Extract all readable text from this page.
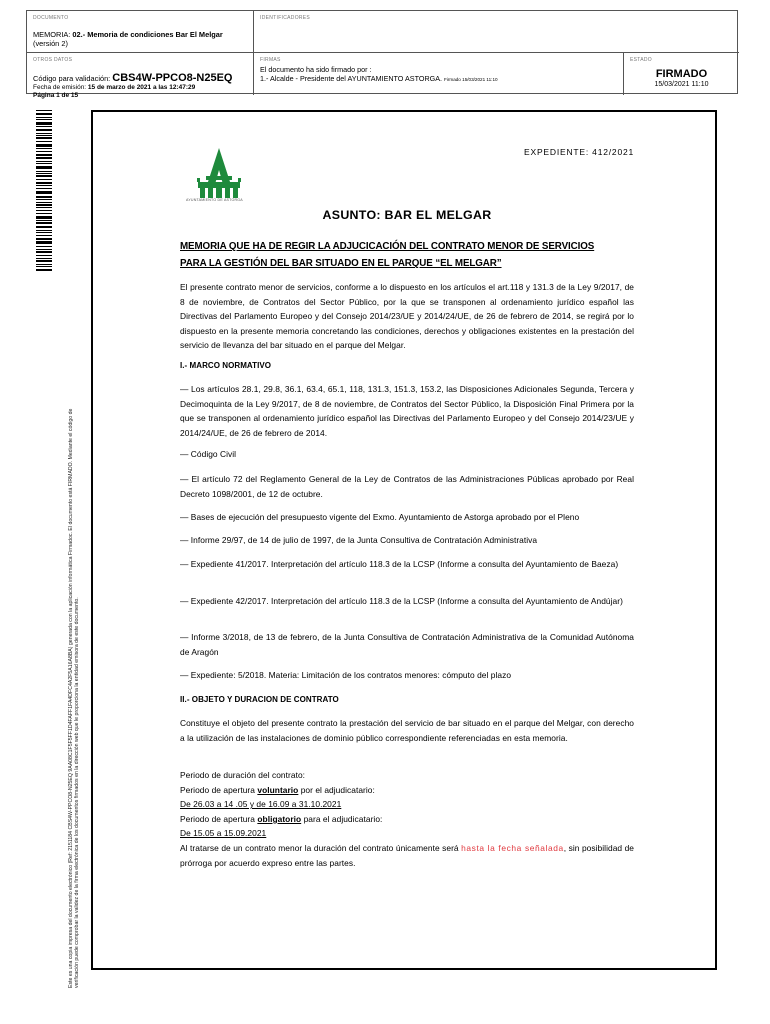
DOCUMENTO
MEMORIA: 02.- Memoria de condiciones Bar El Melgar (versión 2)
IDENTIFICADORES
OTROS DATOS
Código para validación: CBS4W-PPCO8-N25EQ
Fecha de emisión: 15 de marzo de 2021 a las 12:47:29
Página 1 de 15
FIRMAS
El documento ha sido firmado por :
1.- Alcalde - Presidente del AYUNTAMIENTO ASTORGA. Firmado 15/03/2021 11:10
ESTADO
FIRMADO
15/03/2021 11:10
Este es una copia impresa del documento electrónico (Ref: 2151184 CBS4W-PPCO8-N25EQ 9AA08C1F5F5FF1D4FAFF1FA4DFC4A2F5A16A8BA) generada con la aplicación informática Firmadoc. El documento está FIRMADO. Mediante el código de verificación puede comprobar la validez de la firma electrónica de los documentos firmados en la dirección web que le proporciona la entidad emisora de este documento.
AYUNTAMIENTO DE ASTORGA
EXPEDIENTE: 412/2021
ASUNTO: BAR EL MELGAR
MEMORIA QUE HA DE REGIR LA ADJUCICACIÓN DEL CONTRATO MENOR DE SERVICIOS
PARA LA GESTIÓN DEL BAR SITUADO EN EL PARQUE “EL MELGAR”
El presente contrato menor de servicios, conforme a lo dispuesto en los artículos el art.118 y 131.3 de la Ley 9/2017, de 8 de noviembre, de Contratos del Sector Público, por la que se transponen al ordenamiento jurídico español las Directivas del Parlamento Europeo y del Consejo 2014/23/UE y 2014/24/UE, de 26 de febrero de 2014, se regirá por lo dispuesto en la presente memoria concretando las condiciones, derechos y obligaciones existentes en la prestación del servicio de llevanza del bar situado en el parque del Melgar.
I.- MARCO NORMATIVO
— Los artículos 28.1, 29.8, 36.1, 63.4, 65.1, 118, 131.3, 151.3, 153.2, las Disposiciones Adicionales Segunda, Tercera y Decimoquinta de la Ley 9/2017, de 8 de noviembre, de Contratos del Sector Público, la Disposición Final Primera por la que se transponen al ordenamiento jurídico español las Directivas del Parlamento Europeo y del Consejo 2014/23/UE y 2014/24/UE, de 26 de febrero de 2014.
— Código Civil
— El artículo 72 del Reglamento General de la Ley de Contratos de las Administraciones Públicas aprobado por Real Decreto 1098/2001, de 12 de octubre.
— Bases de ejecución del presupuesto vigente del Exmo. Ayuntamiento de Astorga aprobado por el Pleno
— Informe 29/97, de 14 de julio de 1997, de la Junta Consultiva de Contratación Administrativa
— Expediente 41/2017. Interpretación del artículo 118.3 de la LCSP (Informe a consulta del Ayuntamiento de Baeza)
— Expediente 42/2017. Interpretación del artículo 118.3 de la LCSP (Informe a consulta del Ayuntamiento de Andújar)
— Informe 3/2018, de 13 de febrero, de la Junta Consultiva de Contratación Administrativa de la Comunidad Autónoma de Aragón
— Expediente: 5/2018. Materia: Limitación de los contratos menores: cómputo del plazo
II.- OBJETO Y DURACION DE CONTRATO
Constituye el objeto del presente contrato la prestación del servicio de bar situado en el parque del Melgar, con derecho a la utilización de las instalaciones de dominio público correspondiente referenciadas en esta memoria.
Periodo de duración del contrato:
Periodo de apertura voluntario por el adjudicatario:
De 26.03 a 14 .05 y de 16.09 a 31.10.2021
Periodo de apertura obligatorio para el adjudicatario:
De 15.05 a 15.09.2021
Al tratarse de un contrato menor la duración del contrato únicamente será hasta la fecha señalada, sin posibilidad de prórroga por acuerdo expreso entre las partes.
